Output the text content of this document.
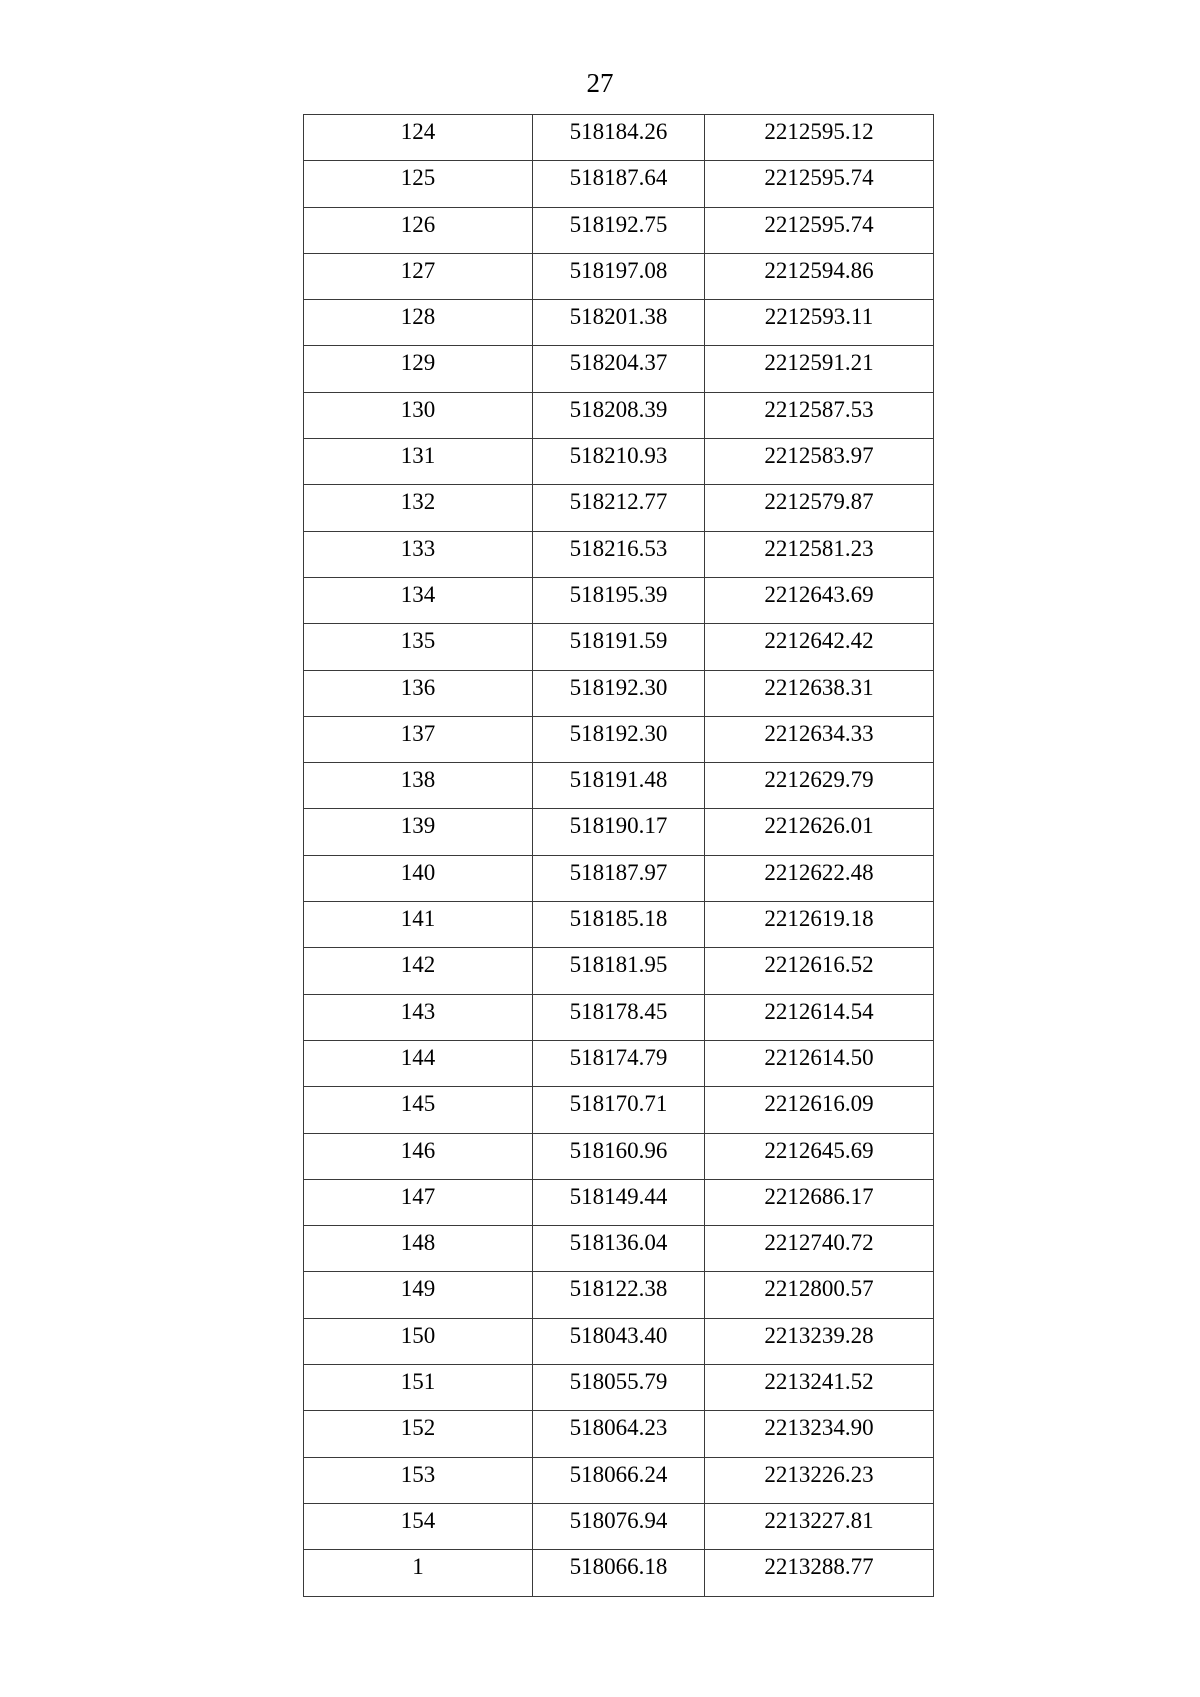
27
124	518184.26	2212595.12
125	518187.64	2212595.74
126	518192.75	2212595.74
127	518197.08	2212594.86
128	518201.38	2212593.11
129	518204.37	2212591.21
130	518208.39	2212587.53
131	518210.93	2212583.97
132	518212.77	2212579.87
133	518216.53	2212581.23
134	518195.39	2212643.69
135	518191.59	2212642.42
136	518192.30	2212638.31
137	518192.30	2212634.33
138	518191.48	2212629.79
139	518190.17	2212626.01
140	518187.97	2212622.48
141	518185.18	2212619.18
142	518181.95	2212616.52
143	518178.45	2212614.54
144	518174.79	2212614.50
145	518170.71	2212616.09
146	518160.96	2212645.69
147	518149.44	2212686.17
148	518136.04	2212740.72
149	518122.38	2212800.57
150	518043.40	2213239.28
151	518055.79	2213241.52
152	518064.23	2213234.90
153	518066.24	2213226.23
154	518076.94	2213227.81
1	518066.18	2213288.77
